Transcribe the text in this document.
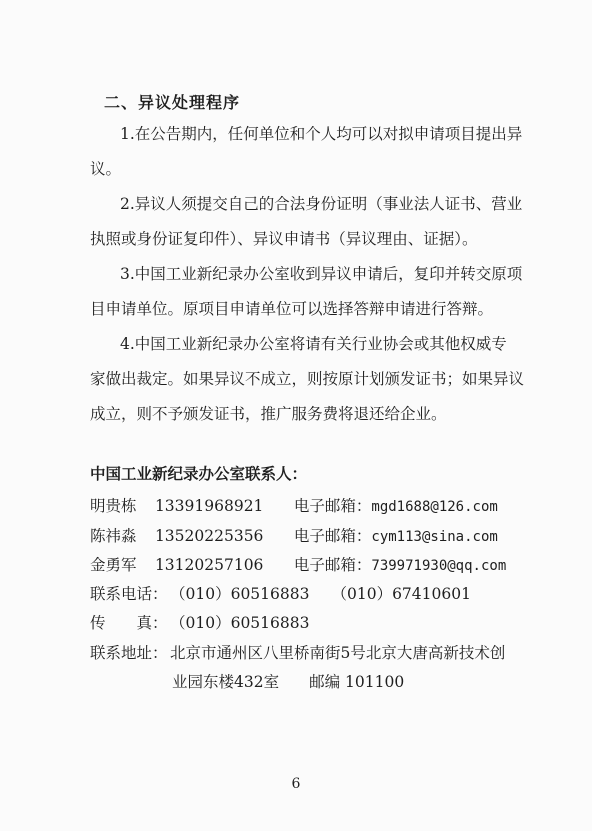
二、异议处理程序

1.在公告期内，任何单位和个人均可以对拟申请项目提出异
议。

2.异议人须提交自己的合法身份证明（事业法人证书、营业
执照或身份证复印件）、异议申请书（异议理由、证据）。

3.中国工业新纪录办公室收到异议申请后，复印并转交原项
目申请单位。原项目申请单位可以选择答辩申请进行答辩。

4.中国工业新纪录办公室将请有关行业协会或其他权威专
家做出裁定。如果异议不成立，则按原计划颁发证书；如果异议
成立，则不予颁发证书，推广服务费将退还给企业。

中国工业新纪录办公室联系人：
明贵栋 13391968921 电子邮箱：mgd1688@126.com
陈祎淼 13520225356 电子邮箱：cym113@sina.com
金勇军 13120257106 电子邮箱：739971930@qq.com
联系电话： （010）60516883 （010）67410601
传　　真： （010）60516883
联系地址： 北京市通州区八里桥南街5号北京大唐高新技术创
业园东楼432室 邮编 101100
6
